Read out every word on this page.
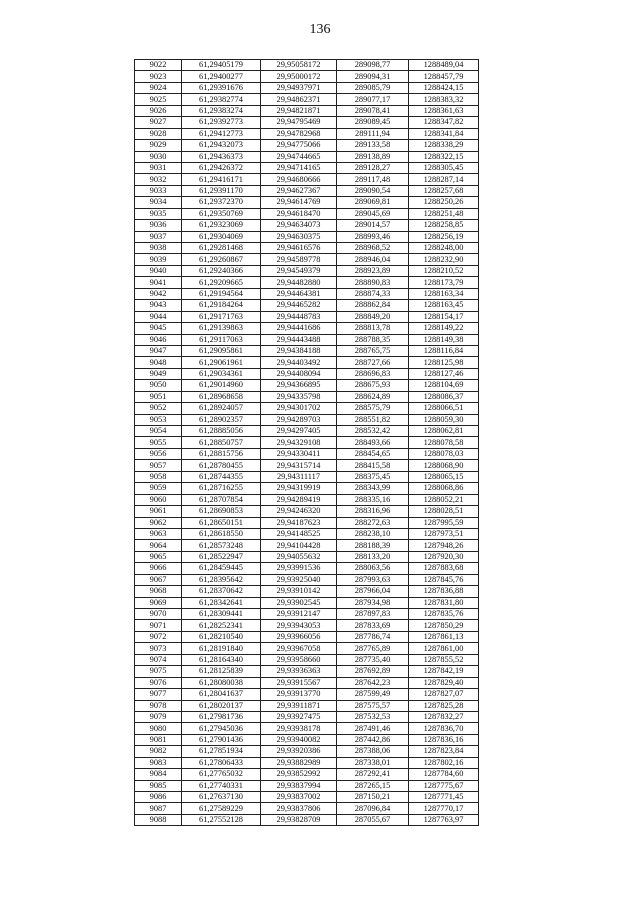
136
9022	61,29405179	29,95058172	289098,77	1288489,04
9023	61,29400277	29,95000172	289094,31	1288457,79
9024	61,29391676	29,94937971	289085,79	1288424,15
9025	61,29382774	29,94862371	289077,17	1288383,32
9026	61,29383274	29,94821871	289078,41	1288361,63
9027	61,29392773	29,94795469	289089,45	1288347,82
9028	61,29412773	29,94782968	289111,94	1288341,84
9029	61,29432073	29,94775066	289133,58	1288338,29
9030	61,29436373	29,94744665	289138,89	1288322,15
9031	61,29426372	29,94714165	289128,27	1288305,45
9032	61,29416171	29,94680666	289117,48	1288287,14
9033	61,29391170	29,94627367	289090,54	1288257,68
9034	61,29372370	29,94614769	289069,81	1288250,26
9035	61,29350769	29,94618470	289045,69	1288251,48
9036	61,29323069	29,94634073	289014,57	1288258,85
9037	61,29304069	29,94630375	288993,46	1288256,19
9038	61,29281468	29,94616576	288968,52	1288248,00
9039	61,29260867	29,94589778	288946,04	1288232,90
9040	61,29240366	29,94549379	288923,89	1288210,52
9041	61,29209665	29,94482880	288890,83	1288173,79
9042	61,29194564	29,94464381	288874,33	1288163,34
9043	61,29184264	29,94465282	288862,84	1288163,45
9044	61,29171763	29,94448783	288849,20	1288154,17
9045	61,29139863	29,94441686	288813,78	1288149,22
9046	61,29117063	29,94443488	288788,35	1288149,38
9047	61,29095861	29,94384188	288765,75	1288116,84
9048	61,29061961	29,94403492	288727,66	1288125,98
9049	61,29034361	29,94408094	288696,83	1288127,46
9050	61,29014960	29,94366895	288675,93	1288104,69
9051	61,28968658	29,94335798	288624,89	1288086,37
9052	61,28924057	29,94301702	288575,79	1288066,51
9053	61,28902357	29,94289703	288551,82	1288059,30
9054	61,28885056	29,94297405	288532,42	1288062,81
9055	61,28850757	29,94329108	288493,66	1288078,58
9056	61,28815756	29,94330411	288454,65	1288078,03
9057	61,28780455	29,94315714	288415,58	1288068,90
9058	61,28744355	29,94311117	288375,45	1288065,15
9059	61,28716255	29,94319919	288343,99	1288068,86
9060	61,28707854	29,94289419	288335,16	1288052,21
9061	61,28690853	29,94246320	288316,96	1288028,51
9062	61,28650151	29,94187623	288272,63	1287995,59
9063	61,28618550	29,94148525	288238,10	1287973,51
9064	61,28573248	29,94104428	288188,39	1287948,26
9065	61,28522947	29,94055632	288133,20	1287920,30
9066	61,28459445	29,93991536	288063,56	1287883,68
9067	61,28395642	29,93925040	287993,63	1287845,76
9068	61,28370642	29,93910142	287966,04	1287836,88
9069	61,28342641	29,93902545	287934,98	1287831,80
9070	61,28309441	29,93912147	287897,83	1287835,76
9071	61,28252341	29,93943053	287833,69	1287850,29
9072	61,28210540	29,93966056	287786,74	1287861,13
9073	61,28191840	29,93967058	287765,89	1287861,00
9074	61,28164340	29,93958660	287735,40	1287855,52
9075	61,28125839	29,93936363	287692,89	1287842,19
9076	61,28080038	29,93915567	287642,23	1287829,40
9077	61,28041637	29,93913770	287599,49	1287827,07
9078	61,28020137	29,93911871	287575,57	1287825,28
9079	61,27981736	29,93927475	287532,53	1287832,27
9080	61,27945036	29,93938178	287491,46	1287836,70
9081	61,27901436	29,93940082	287442,86	1287836,16
9082	61,27851934	29,93920386	287388,06	1287823,84
9083	61,27806433	29,93882989	287338,01	1287802,16
9084	61,27765032	29,93852992	287292,41	1287784,60
9085	61,27740331	29,93837994	287265,15	1287775,67
9086	61,27637130	29,93837002	287150,21	1287771,45
9087	61,27589229	29,93837806	287096,84	1287770,17
9088	61,27552128	29,93828709	287055,67	1287763,97
